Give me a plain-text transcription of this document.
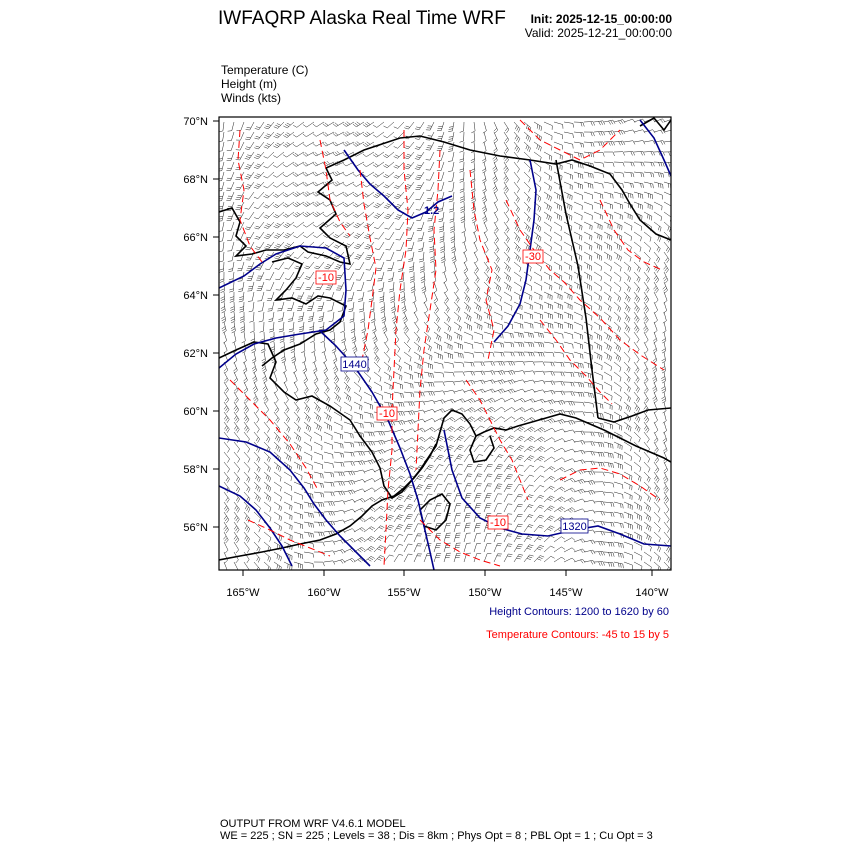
IWFAQRP Alaska Real Time WRF Init: 2025-12-15_00:00:00
Valid: 2025-12-21_00:00:00
Temperature (C)
Height (m)
Winds (kts)
70°N
68°N
66°N
64°N
62°N
60°N
58°N
56°N
165°W	160°W	155°W	150°W	145°W	140°W
1440
1320
1.2
-10
-30
-10
-10
Height Contours: 1200 to 1620 by 60
Temperature Contours: -45 to 15 by 5
OUTPUT FROM WRF V4.6.1 MODEL
WE = 225 ; SN = 225 ; Levels = 38 ; Dis = 8km ; Phys Opt = 8 ; PBL Opt = 1 ; Cu Opt = 3
